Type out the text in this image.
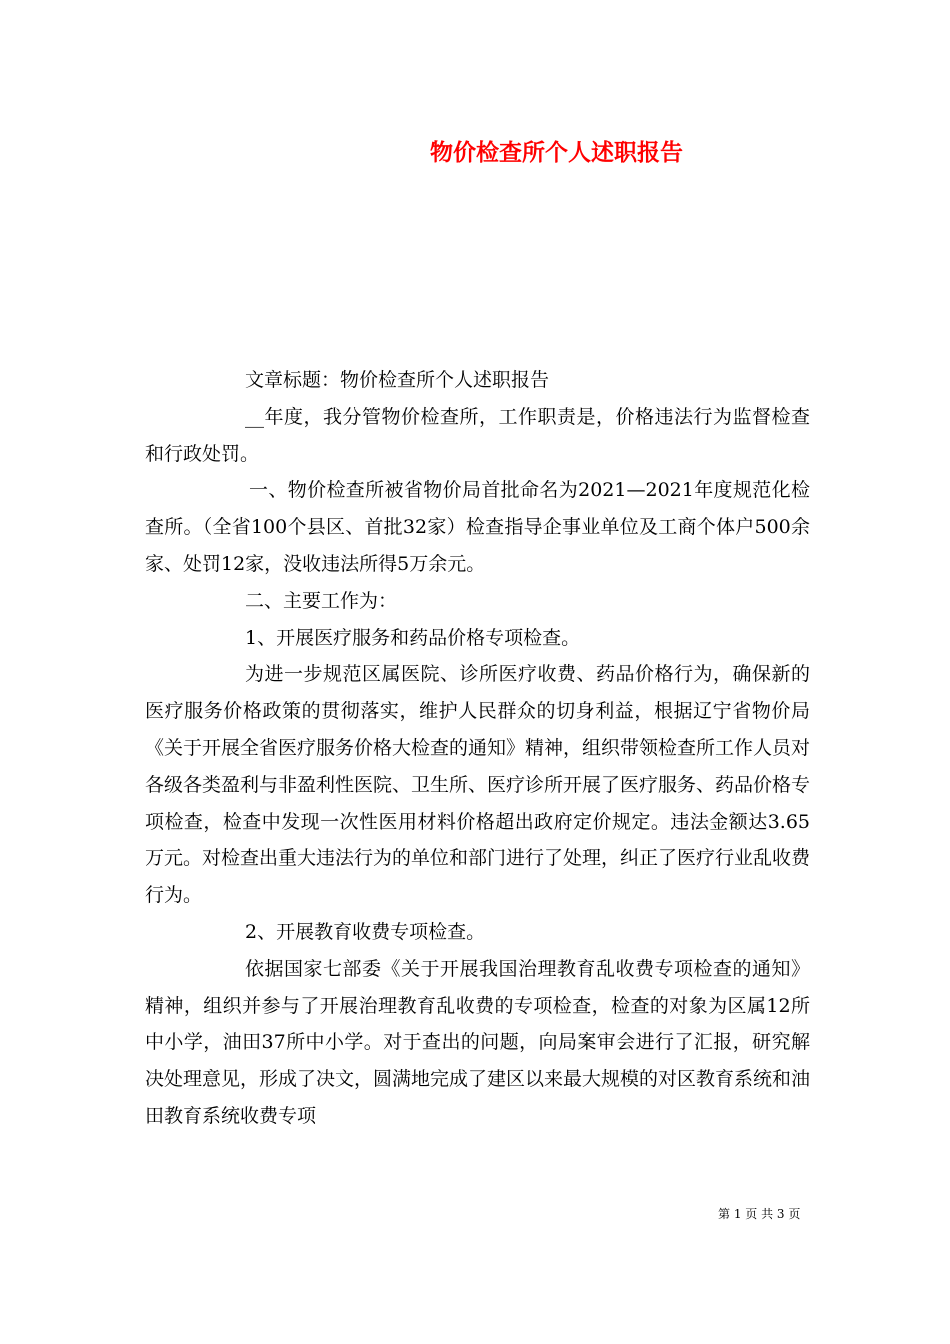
物价检查所个人述职报告

文章标题：物价检查所个人述职报告

__年度，我分管物价检查所，工作职责是，价格违法行为监督检查和行政处罚。

一、物价检查所被省物价局首批命名为2021—2021年度规范化检查所。（全省100个县区、首批32家）检查指导企事业单位及工商个体户500余家、处罚12家，没收违法所得5万余元。

二、主要工作为：

1、开展医疗服务和药品价格专项检查。

为进一步规范区属医院、诊所医疗收费、药品价格行为，确保新的医疗服务价格政策的贯彻落实，维护人民群众的切身利益，根据辽宁省物价局《关于开展全省医疗服务价格大检查的通知》精神，组织带领检查所工作人员对各级各类盈利与非盈利性医院、卫生所、医疗诊所开展了医疗服务、药品价格专项检查，检查中发现一次性医用材料价格超出政府定价规定。违法金额达3.65万元。对检查出重大违法行为的单位和部门进行了处理，纠正了医疗行业乱收费行为。

2、开展教育收费专项检查。

依据国家七部委《关于开展我国治理教育乱收费专项检查的通知》精神，组织并参与了开展治理教育乱收费的专项检查，检查的对象为区属12所中小学，油田37所中小学。对于查出的问题，向局案审会进行了汇报，研究解决处理意见，形成了决文，圆满地完成了建区以来最大规模的对区教育系统和油田教育系统收费专项

第 1 页 共 3 页
